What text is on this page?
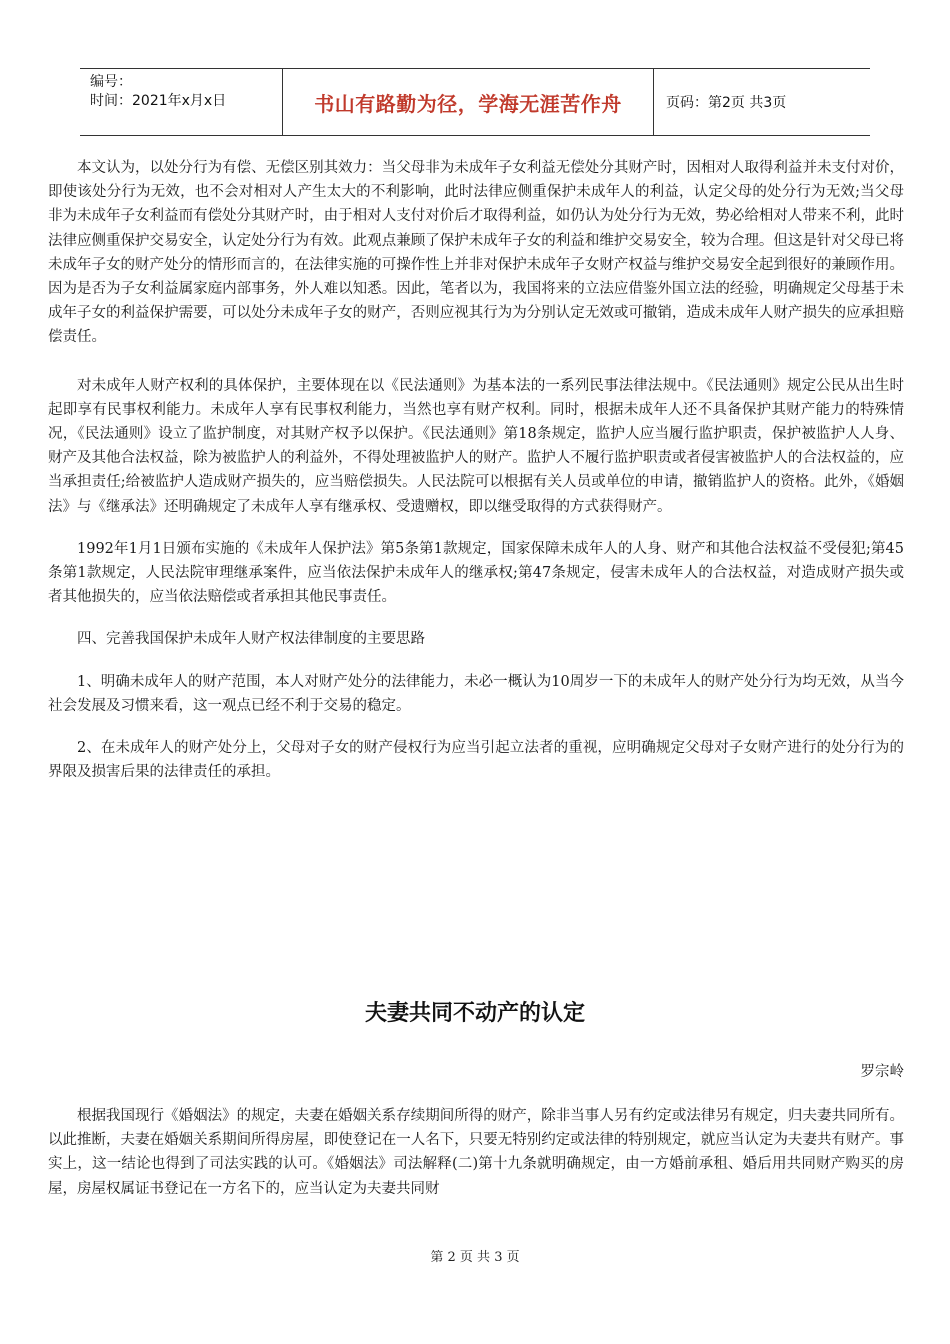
编号：
时间：2021年x月x日	书山有路勤为径，学海无涯苦作舟	页码：第2页 共3页

本文认为，以处分行为有偿、无偿区别其效力：当父母非为未成年子女利益无偿处分其财产时，因相对人取得利益并未支付对价，即使该处分行为无效，也不会对相对人产生太大的不利影响，此时法律应侧重保护未成年人的利益，认定父母的处分行为无效;当父母非为未成年子女利益而有偿处分其财产时，由于相对人支付对价后才取得利益，如仍认为处分行为无效，势必给相对人带来不利，此时法律应侧重保护交易安全，认定处分行为有效。此观点兼顾了保护未成年子女的利益和维护交易安全，较为合理。但这是针对父母已将未成年子女的财产处分的情形而言的，在法律实施的可操作性上并非对保护未成年子女财产权益与维护交易安全起到很好的兼顾作用。因为是否为子女利益属家庭内部事务，外人难以知悉。因此，笔者以为，我国将来的立法应借鉴外国立法的经验，明确规定父母基于未成年子女的利益保护需要，可以处分未成年子女的财产，否则应视其行为为分别认定无效或可撤销，造成未成年人财产损失的应承担赔偿责任。

对未成年人财产权利的具体保护，主要体现在以《民法通则》为基本法的一系列民事法律法规中。《民法通则》规定公民从出生时起即享有民事权利能力。未成年人享有民事权利能力，当然也享有财产权利。同时，根据未成年人还不具备保护其财产能力的特殊情况，《民法通则》设立了监护制度，对其财产权予以保护。《民法通则》第18条规定，监护人应当履行监护职责，保护被监护人人身、财产及其他合法权益，除为被监护人的利益外，不得处理被监护人的财产。监护人不履行监护职责或者侵害被监护人的合法权益的，应当承担责任;给被监护人造成财产损失的，应当赔偿损失。人民法院可以根据有关人员或单位的申请，撤销监护人的资格。此外，《婚姻法》与《继承法》还明确规定了未成年人享有继承权、受遗赠权，即以继受取得的方式获得财产。

1992年1月1日颁布实施的《未成年人保护法》第5条第1款规定，国家保障未成年人的人身、财产和其他合法权益不受侵犯;第45条第1款规定，人民法院审理继承案件，应当依法保护未成年人的继承权;第47条规定，侵害未成年人的合法权益，对造成财产损失或者其他损失的，应当依法赔偿或者承担其他民事责任。

四、完善我国保护未成年人财产权法律制度的主要思路

1、明确未成年人的财产范围，本人对财产处分的法律能力，未必一概认为10周岁一下的未成年人的财产处分行为均无效，从当今社会发展及习惯来看，这一观点已经不利于交易的稳定。

2、在未成年人的财产处分上，父母对子女的财产侵权行为应当引起立法者的重视，应明确规定父母对子女财产进行的处分行为的界限及损害后果的法律责任的承担。

夫妻共同不动产的认定
罗宗岭

根据我国现行《婚姻法》的规定，夫妻在婚姻关系存续期间所得的财产，除非当事人另有约定或法律另有规定，归夫妻共同所有。以此推断，夫妻在婚姻关系期间所得房屋，即使登记在一人名下，只要无特别约定或法律的特别规定，就应当认定为夫妻共有财产。事实上，这一结论也得到了司法实践的认可。《婚姻法》司法解释(二)第十九条就明确规定，由一方婚前承租、婚后用共同财产购买的房屋，房屋权属证书登记在一方名下的，应当认定为夫妻共同财

第 2 页 共 3 页
